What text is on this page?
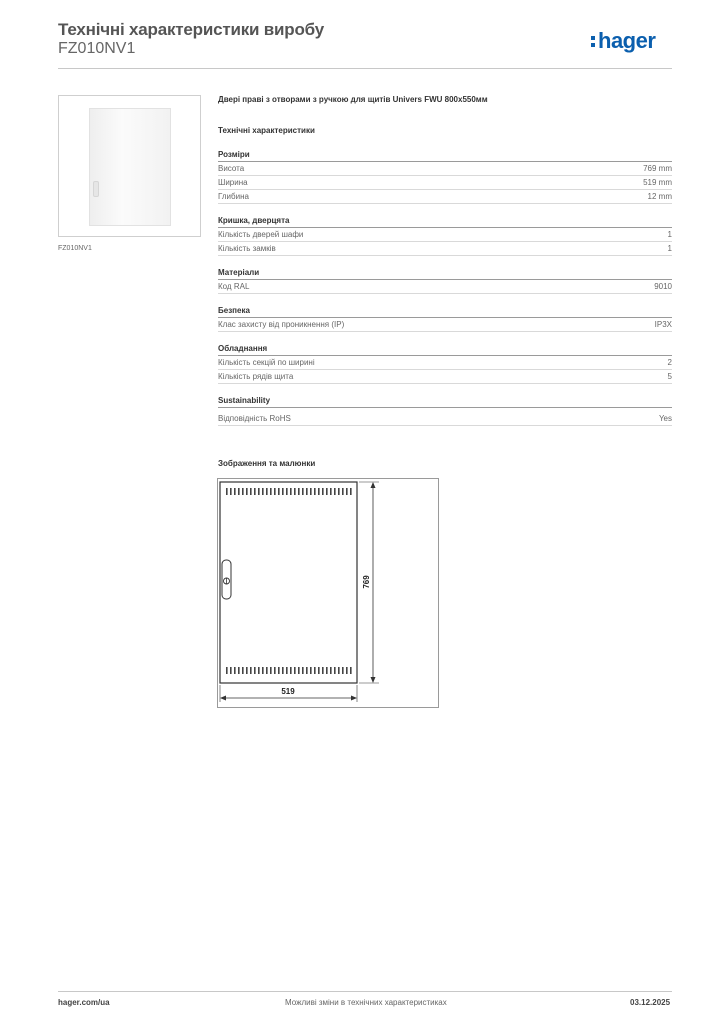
Технічні характеристики виробу
FZ010NV1	hager
FZ010NV1
Двері праві з отворами з ручкою для щитів Univers FWU 800x550мм
Технічні характеристики
Розміри
Висота	769 mm
Ширина	519 mm
Глибина	12 mm
Кришка, дверцята
Кількість дверей шафи	1
Кількість замків	1
Матеріали
Код RAL	9010
Безпека
Клас захисту від проникнення (IP)	IP3X
Обладнання
Кількість секцій по ширині	2
Кількість рядів щита	5
Sustainability
Відповідність RoHS	Yes
Зображення та малюнки
769
519
hager.com/ua	Можливі зміни в технічних характеристиках	03.12.2025
